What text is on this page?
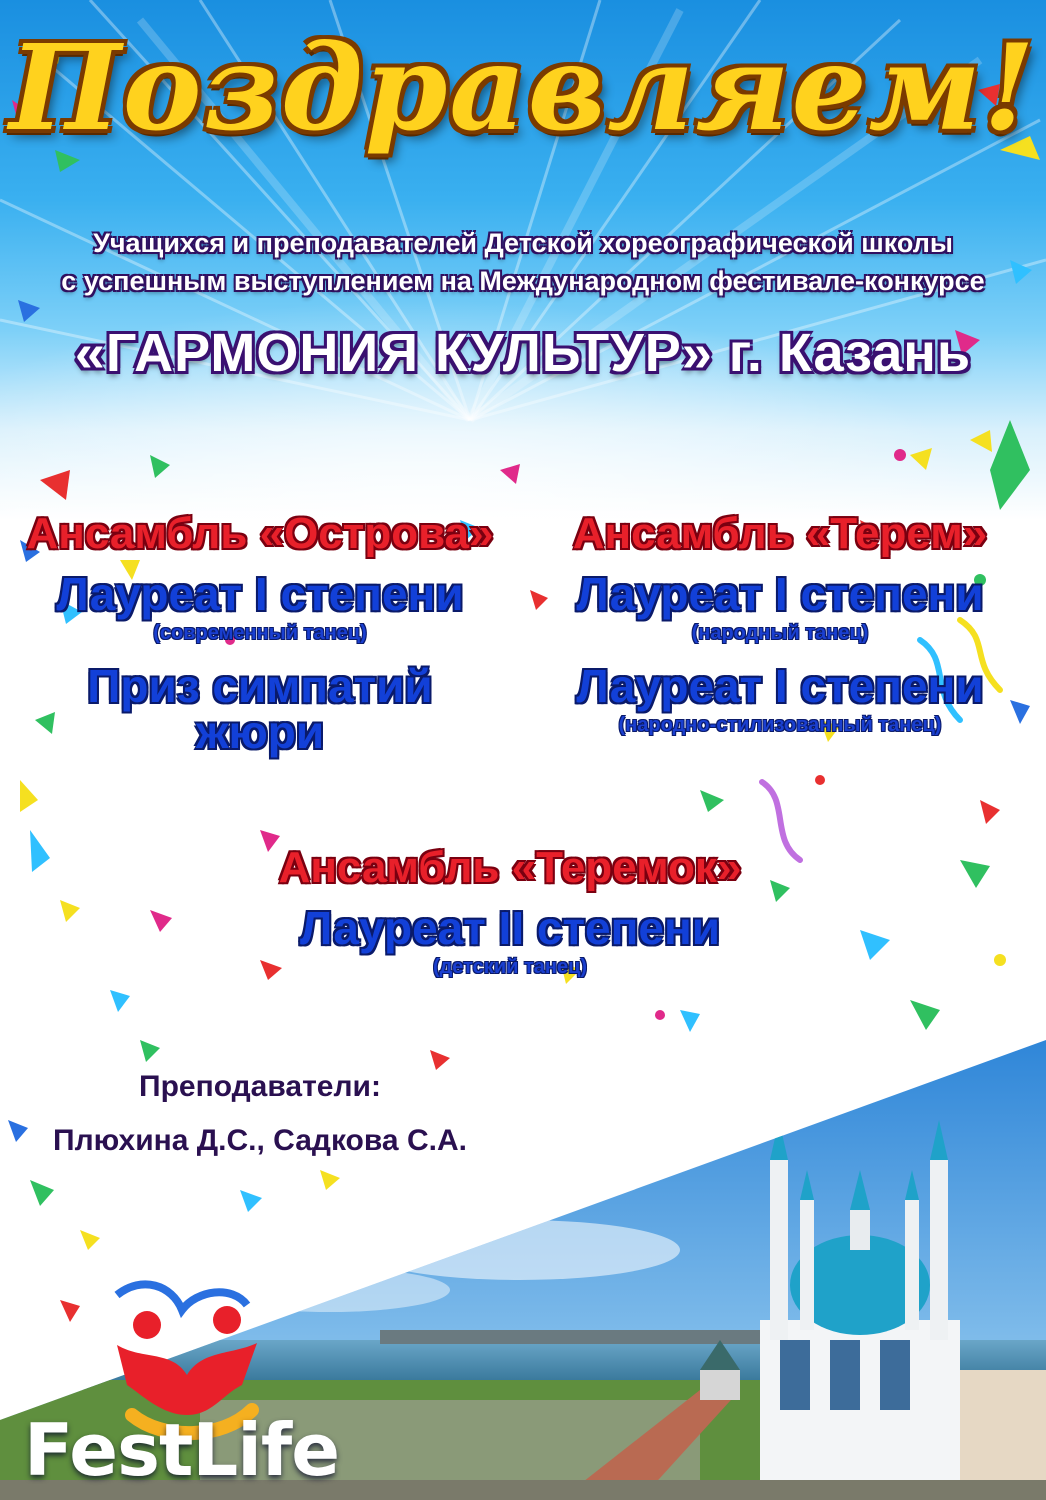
Поздравляем!
Учащихся и преподавателей Детской хореографической школы
с успешным выступлением на Международном фестивале-конкурсе
«ГАРМОНИЯ КУЛЬТУР» г. Казань
Ансамбль «Острова»
Лауреат I степени
(современный танец)
Приз симпатий
жюри
Ансамбль «Терем»
Лауреат I степени
(народный танец)
Лауреат I степени
(народно-стилизованный танец)
Ансамбль «Теремок»
Лауреат II степени
(детский танец)
Преподаватели:
Плюхина Д.С., Садкова С.А.
FestLife
